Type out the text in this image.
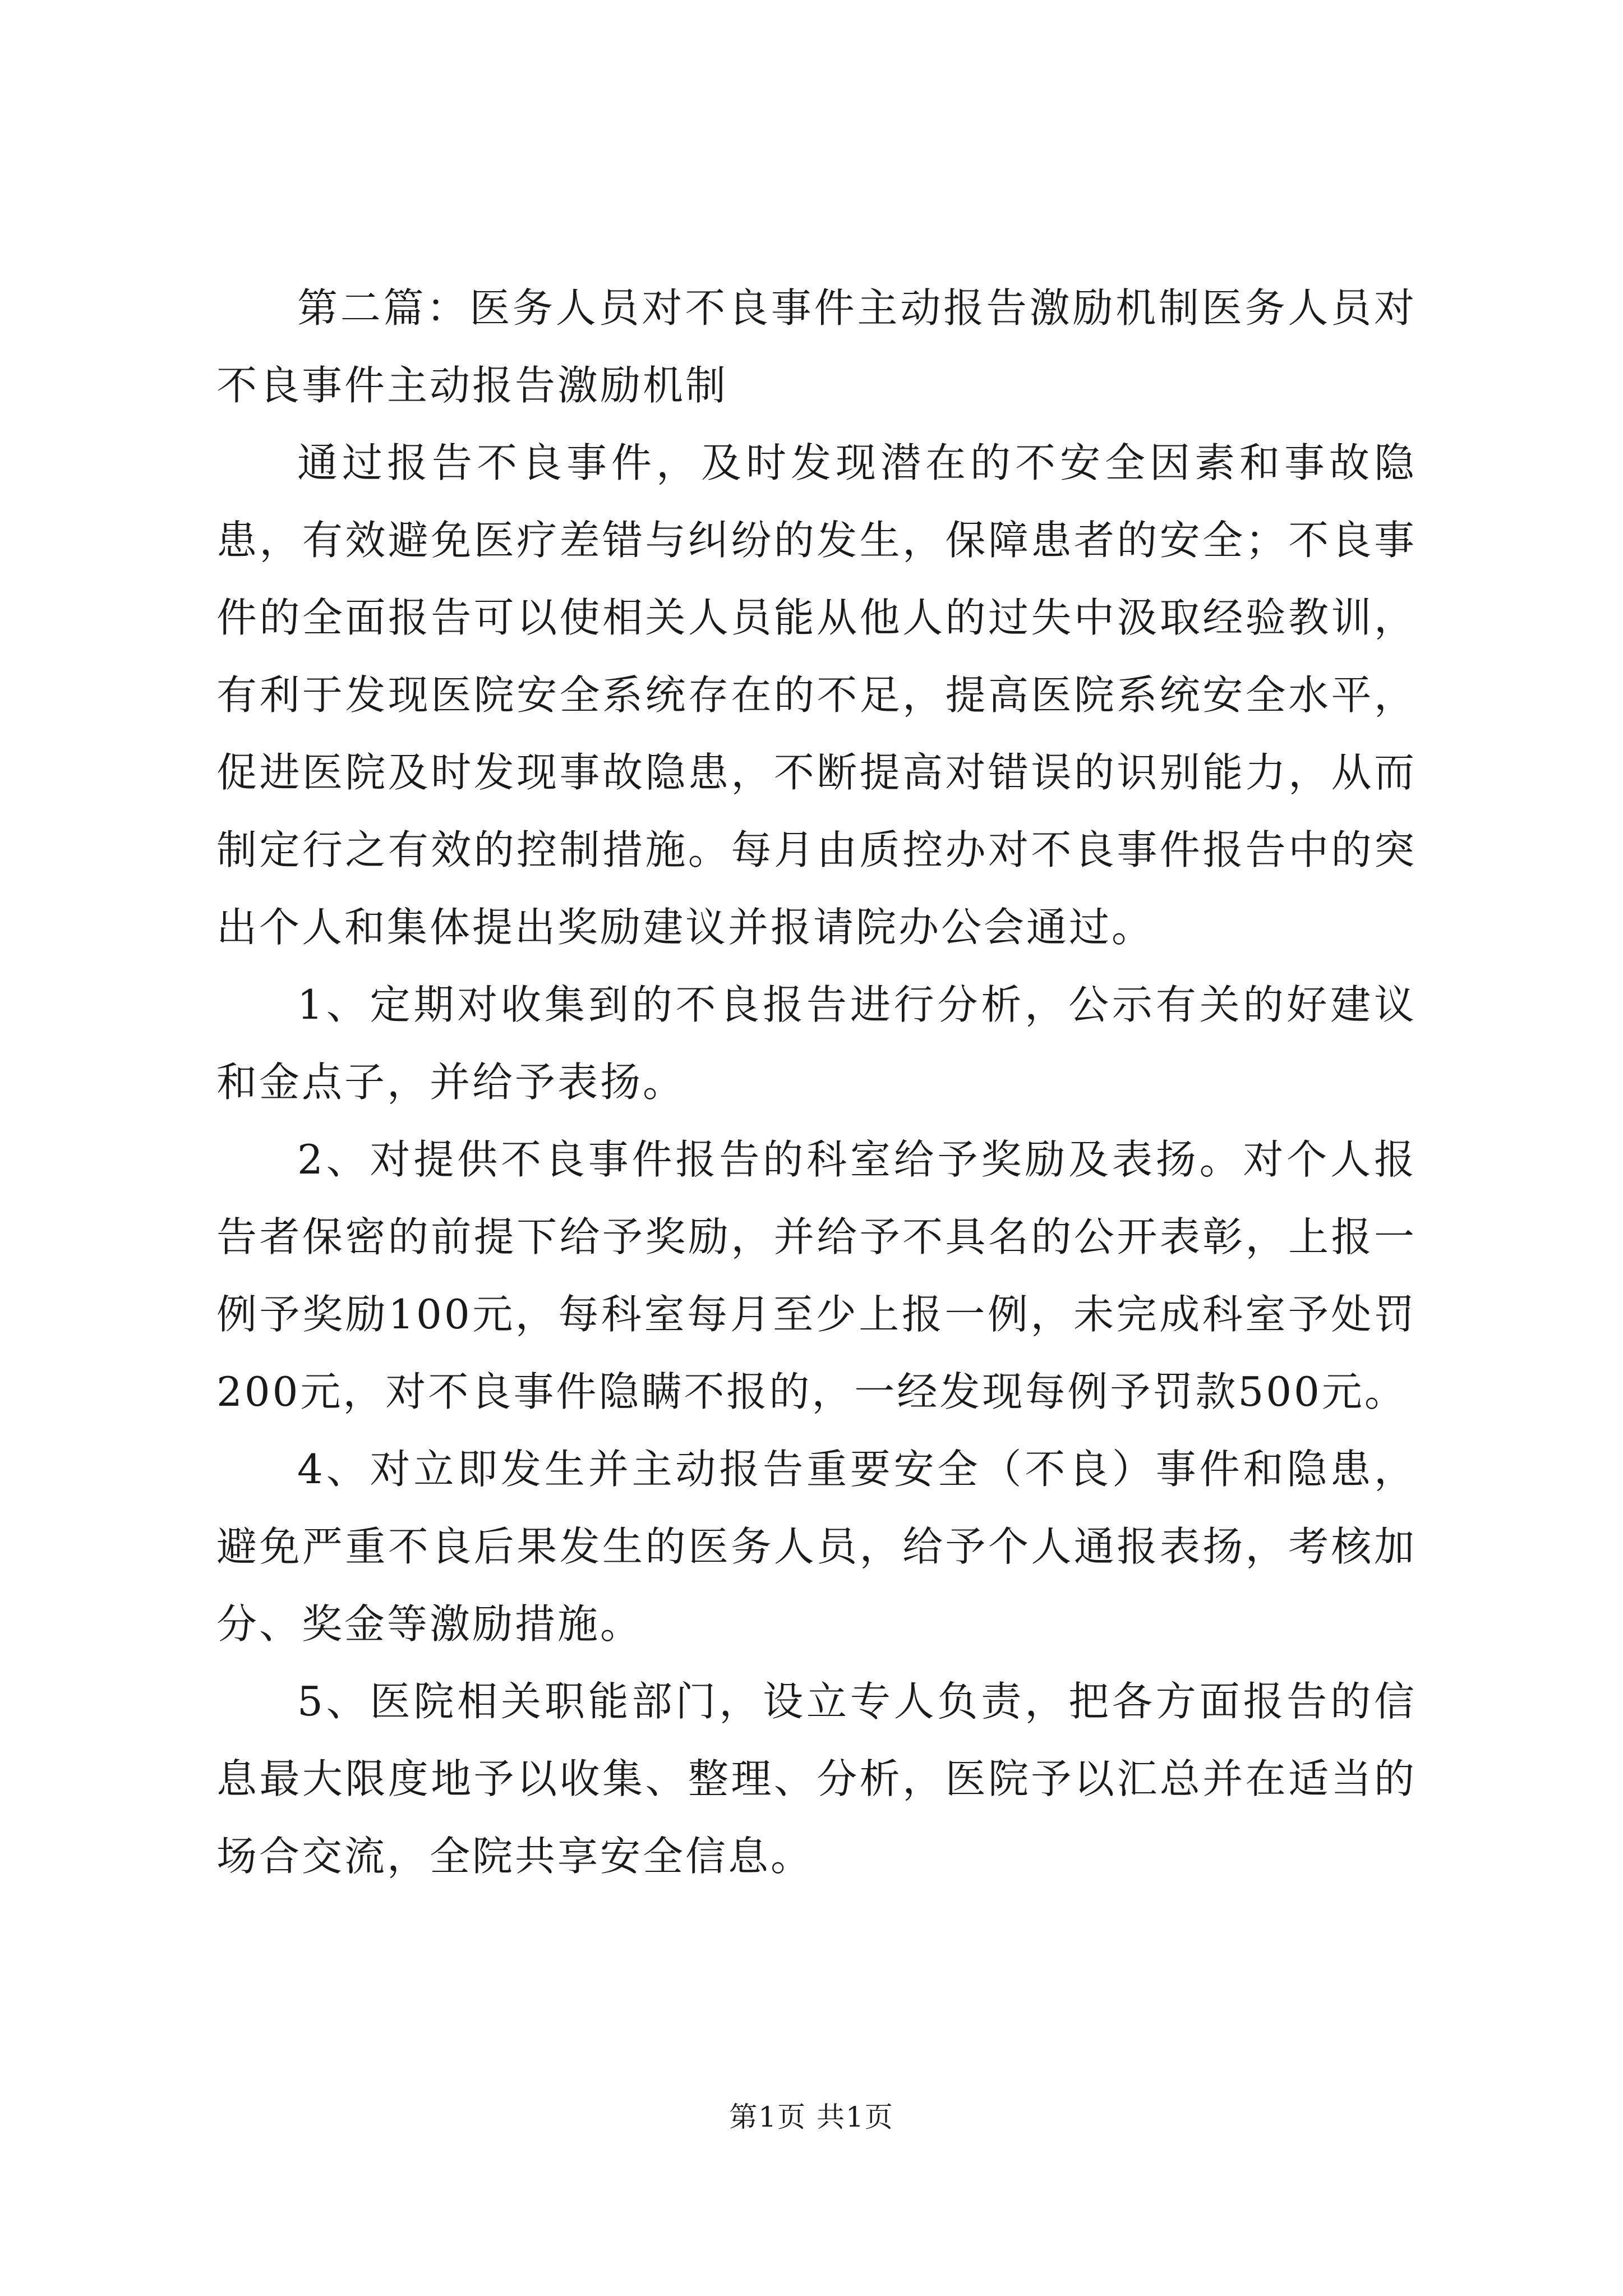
第二篇：医务人员对不良事件主动报告激励机制医务人员对不良事件主动报告激励机制

通过报告不良事件，及时发现潜在的不安全因素和事故隐患，有效避免医疗差错与纠纷的发生，保障患者的安全；不良事件的全面报告可以使相关人员能从他人的过失中汲取经验教训，有利于发现医院安全系统存在的不足，提高医院系统安全水平，促进医院及时发现事故隐患，不断提高对错误的识别能力，从而制定行之有效的控制措施。每月由质控办对不良事件报告中的突出个人和集体提出奖励建议并报请院办公会通过。

1、定期对收集到的不良报告进行分析，公示有关的好建议和金点子，并给予表扬。

2、对提供不良事件报告的科室给予奖励及表扬。对个人报告者保密的前提下给予奖励，并给予不具名的公开表彰，上报一例予奖励100元，每科室每月至少上报一例，未完成科室予处罚200元，对不良事件隐瞒不报的，一经发现每例予罚款500元。

4、对立即发生并主动报告重要安全（不良）事件和隐患，避免严重不良后果发生的医务人员，给予个人通报表扬，考核加分、奖金等激励措施。

5、医院相关职能部门，设立专人负责，把各方面报告的信息最大限度地予以收集、整理、分析，医院予以汇总并在适当的场合交流，全院共享安全信息。

第1页 共1页
